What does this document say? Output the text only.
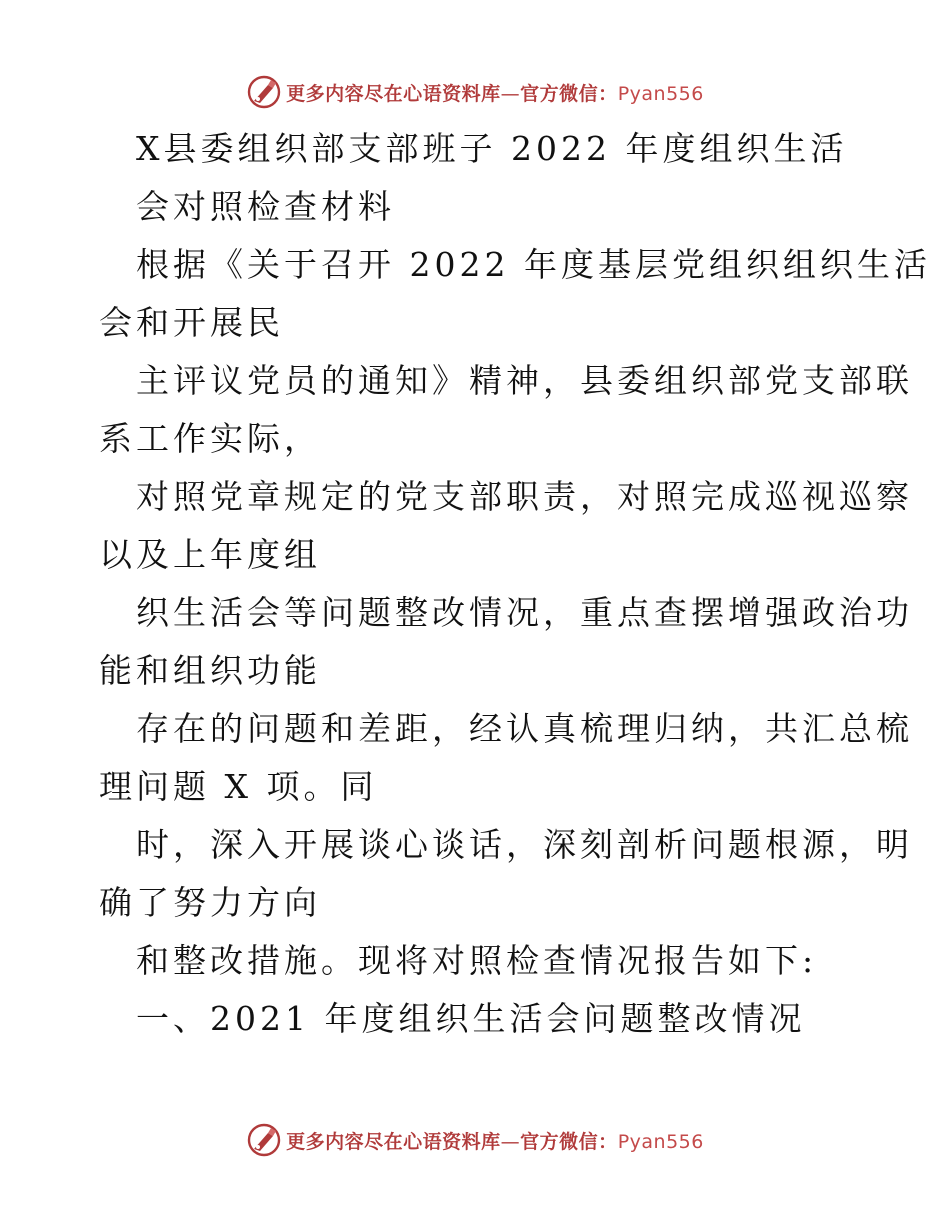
更多内容尽在心语资料库—官方微信：Pyan556
X县委组织部支部班子 2022 年度组织生活
会对照检查材料
根据《关于召开 2022 年度基层党组织组织生活
会和开展民
主评议党员的通知》精神，县委组织部党支部联
系工作实际，
对照党章规定的党支部职责，对照完成巡视巡察
以及上年度组
织生活会等问题整改情况，重点查摆增强政治功
能和组织功能
存在的问题和差距，经认真梳理归纳，共汇总梳
理问题 X 项。同
时，深入开展谈心谈话，深刻剖析问题根源，明
确了努力方向
和整改措施。现将对照检查情况报告如下:
一、2021 年度组织生活会问题整改情况
更多内容尽在心语资料库—官方微信：Pyan556
